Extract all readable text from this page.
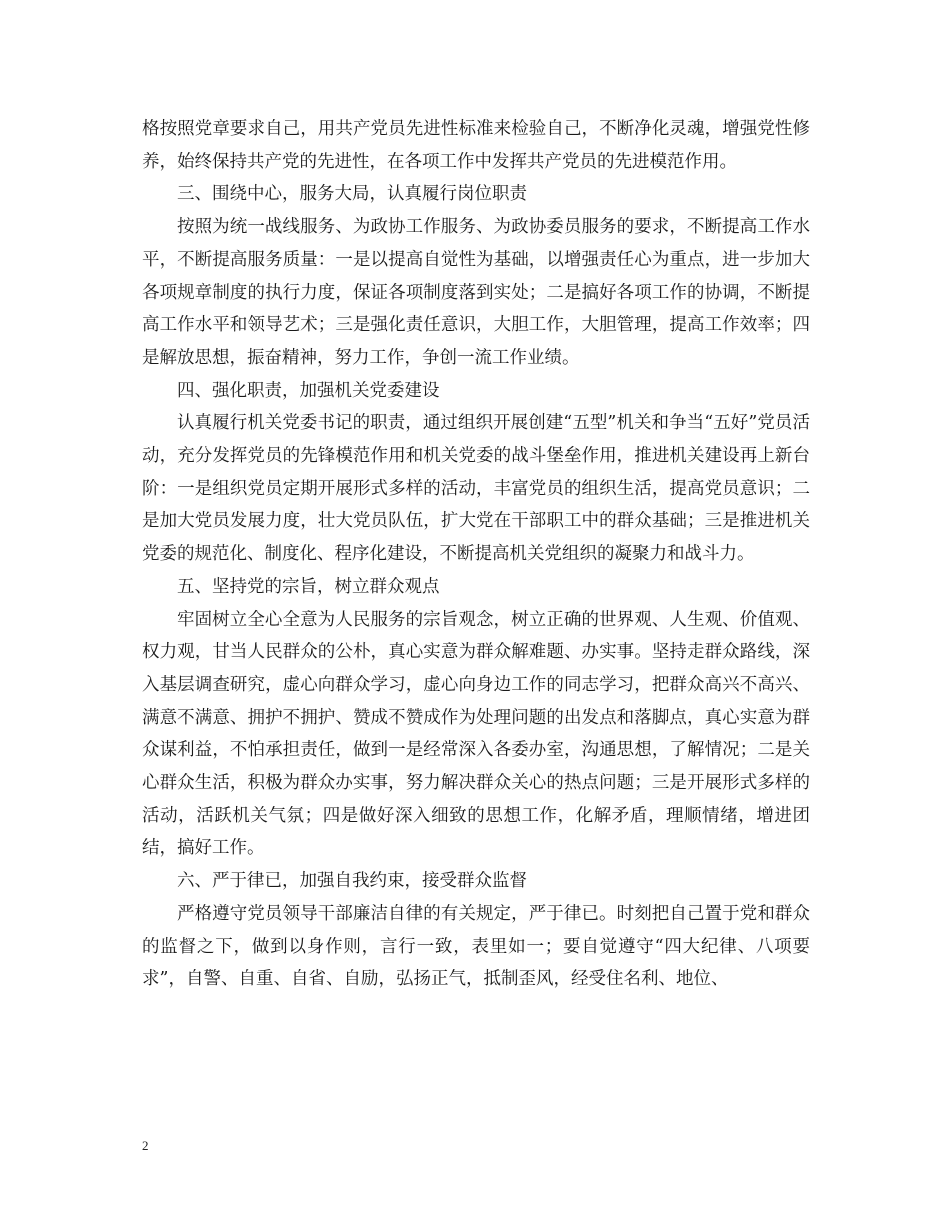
格按照党章要求自己，用共产党员先进性标准来检验自己，不断净化灵魂，增强党性修养，始终保持共产党的先进性，在各项工作中发挥共产党员的先进模范作用。

三、围绕中心，服务大局，认真履行岗位职责

按照为统一战线服务、为政协工作服务、为政协委员服务的要求，不断提高工作水平，不断提高服务质量：一是以提高自觉性为基础，以增强责任心为重点，进一步加大各项规章制度的执行力度，保证各项制度落到实处；二是搞好各项工作的协调，不断提高工作水平和领导艺术；三是强化责任意识，大胆工作，大胆管理，提高工作效率；四是解放思想，振奋精神，努力工作，争创一流工作业绩。

四、强化职责，加强机关党委建设

认真履行机关党委书记的职责，通过组织开展创建“五型”机关和争当“五好”党员活动，充分发挥党员的先锋模范作用和机关党委的战斗堡垒作用，推进机关建设再上新台阶：一是组织党员定期开展形式多样的活动，丰富党员的组织生活，提高党员意识；二是加大党员发展力度，壮大党员队伍，扩大党在干部职工中的群众基础；三是推进机关党委的规范化、制度化、程序化建设，不断提高机关党组织的凝聚力和战斗力。

五、坚持党的宗旨，树立群众观点

牢固树立全心全意为人民服务的宗旨观念，树立正确的世界观、人生观、价值观、权力观，甘当人民群众的公朴，真心实意为群众解难题、办实事。坚持走群众路线，深入基层调查研究，虚心向群众学习，虚心向身边工作的同志学习，把群众高兴不高兴、满意不满意、拥护不拥护、赞成不赞成作为处理问题的出发点和落脚点，真心实意为群众谋利益，不怕承担责任，做到一是经常深入各委办室，沟通思想，了解情况；二是关心群众生活，积极为群众办实事，努力解决群众关心的热点问题；三是开展形式多样的活动，活跃机关气氛；四是做好深入细致的思想工作，化解矛盾，理顺情绪，增进团结，搞好工作。

六、严于律已，加强自我约束，接受群众监督

严格遵守党员领导干部廉洁自律的有关规定，严于律已。时刻把自己置于党和群众的监督之下，做到以身作则，言行一致，表里如一；要自觉遵守“四大纪律、八项要求”，自警、自重、自省、自励，弘扬正气，抵制歪风，经受住名利、地位、

2
